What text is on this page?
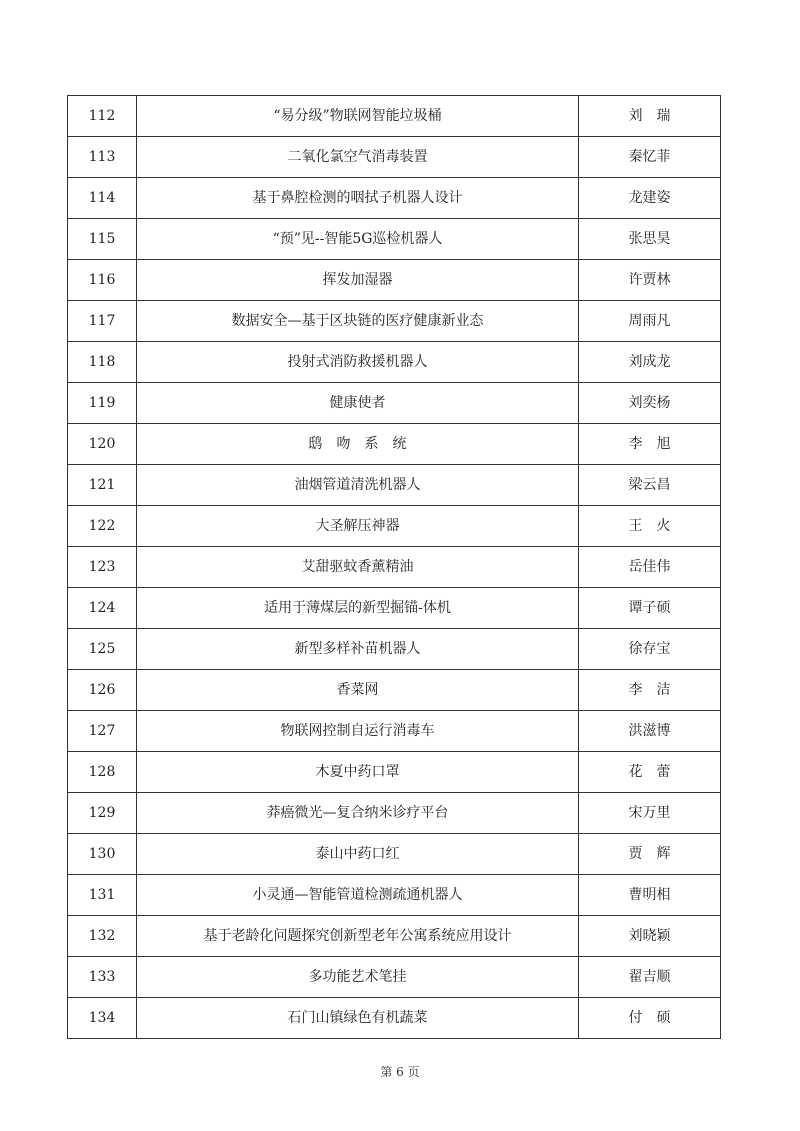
112	“易分级”物联网智能垃圾桶	刘　瑞
113	二氧化氯空气消毒装置	秦忆菲
114	基于鼻腔检测的咽拭子机器人设计	龙建姿
115	“预”见--智能5G巡检机器人	张思昊
116	挥发加湿器	许贾林
117	数据安全—基于区块链的医疗健康新业态	周雨凡
118	投射式消防救援机器人	刘成龙
119	健康使者	刘奕杨
120	鸱　吻　系　统	李　旭
121	油烟管道清洗机器人	梁云昌
122	大圣解压神器	王　火
123	艾甜驱蚊香薰精油	岳佳伟
124	适用于薄煤层的新型掘锚-体机	谭子硕
125	新型多样补苗机器人	徐存宝
126	香菜网	李　洁
127	物联网控制自运行消毒车	洪滋博
128	木夏中药口罩	花　蕾
129	莽癌微光—复合纳米诊疗平台	宋万里
130	泰山中药口红	贾　辉
131	小灵通—智能管道检测疏通机器人	曹明相
132	基于老龄化问题探究创新型老年公寓系统应用设计	刘晓颖
133	多功能艺术笔挂	翟吉顺
134	石门山镇绿色有机蔬菜	付　硕
第 6 页
